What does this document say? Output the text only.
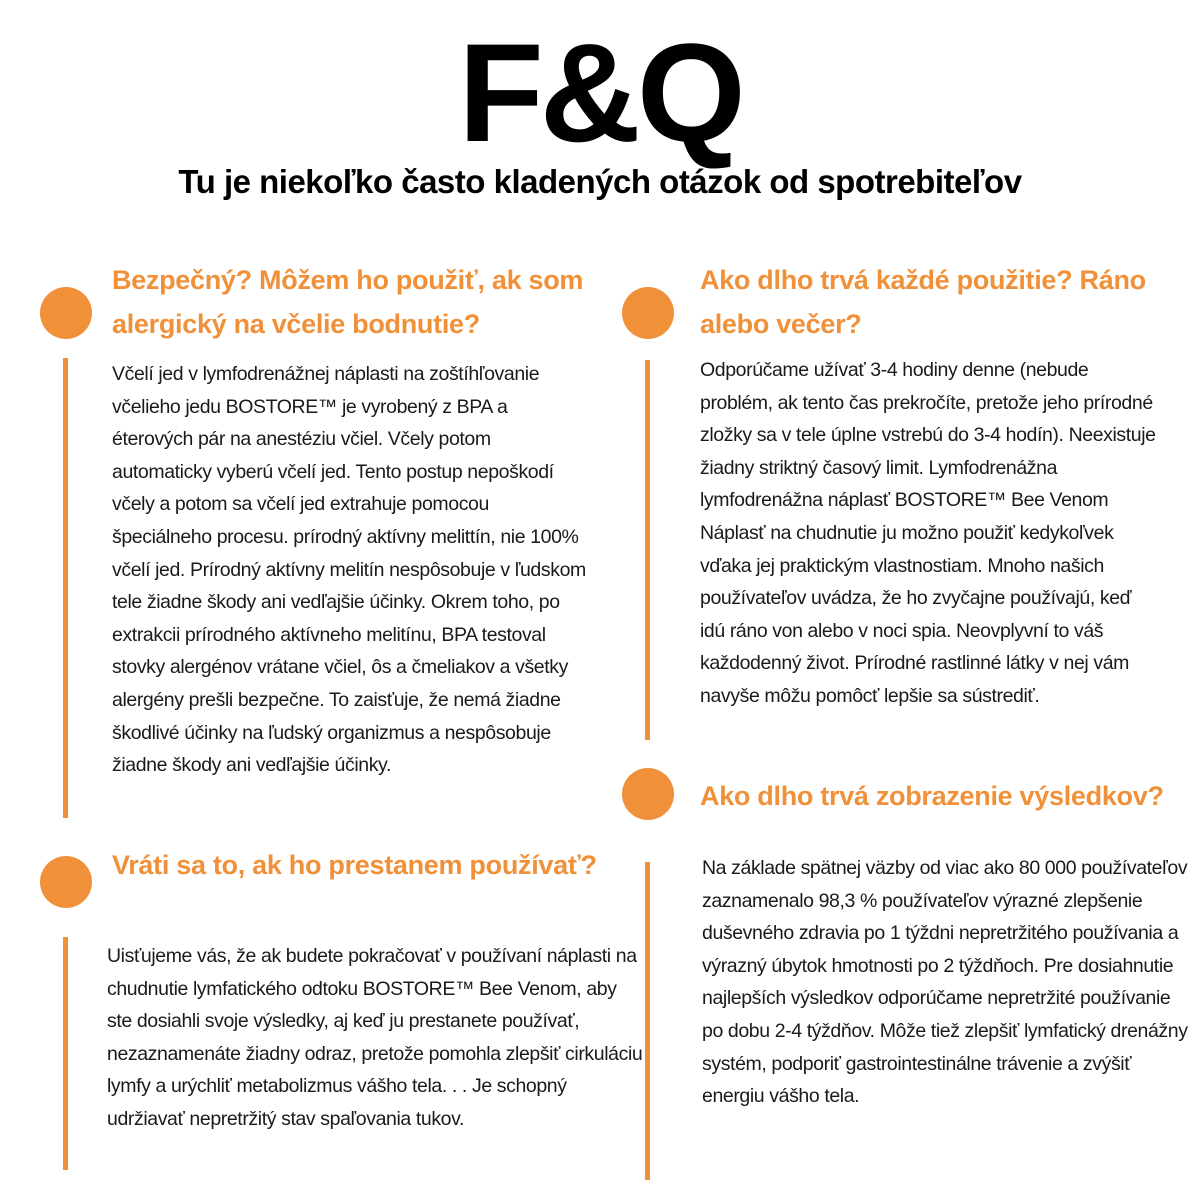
F&Q
Tu je niekoľko často kladených otázok od spotrebiteľov
Bezpečný? Môžem ho použiť, ak som alergický na včelie bodnutie?
Včelí jed v lymfodrenážnej náplasti na zoštíhľovanie včelieho jedu BOSTORE™ je vyrobený z BPA a éterových pár na anestéziu včiel. Včely potom automaticky vyberú včelí jed. Tento postup nepoškodí včely a potom sa včelí jed extrahuje pomocou špeciálneho procesu. prírodný aktívny melittín, nie 100% včelí jed. Prírodný aktívny melitín nespôsobuje v ľudskom tele žiadne škody ani vedľajšie účinky. Okrem toho, po extrakcii prírodného aktívneho melitínu, BPA testoval stovky alergénov vrátane včiel, ôs a čmeliakov a všetky alergény prešli bezpečne. To zaisťuje, že nemá žiadne škodlivé účinky na ľudský organizmus a nespôsobuje žiadne škody ani vedľajšie účinky.
Vráti sa to, ak ho prestanem používať?
Uisťujeme vás, že ak budete pokračovať v používaní náplasti na chudnutie lymfatického odtoku BOSTORE™ Bee Venom, aby ste dosiahli svoje výsledky, aj keď ju prestanete používať, nezaznamenáte žiadny odraz, pretože pomohla zlepšiť cirkuláciu lymfy a urýchliť metabolizmus vášho tela. . . Je schopný udržiavať nepretržitý stav spaľovania tukov.
Ako dlho trvá každé použitie? Ráno alebo večer?
Odporúčame užívať 3-4 hodiny denne (nebude problém, ak tento čas prekročíte, pretože jeho prírodné zložky sa v tele úplne vstrebú do 3-4 hodín). Neexistuje žiadny striktný časový limit. Lymfodrenážna lymfodrenážna náplasť BOSTORE™ Bee Venom Náplasť na chudnutie ju možno použiť kedykoľvek vďaka jej praktickým vlastnostiam. Mnoho našich používateľov uvádza, že ho zvyčajne používajú, keď idú ráno von alebo v noci spia. Neovplyvní to váš každodenný život. Prírodné rastlinné látky v nej vám navyše môžu pomôcť lepšie sa sústrediť.
Ako dlho trvá zobrazenie výsledkov?
Na základe spätnej väzby od viac ako 80 000 používateľov zaznamenalo 98,3 % používateľov výrazné zlepšenie duševného zdravia po 1 týždni nepretržitého používania a výrazný úbytok hmotnosti po 2 týždňoch. Pre dosiahnutie najlepších výsledkov odporúčame nepretržité používanie po dobu 2-4 týždňov. Môže tiež zlepšiť lymfatický drenážny systém, podporiť gastrointestinálne trávenie a zvýšiť energiu vášho tela.
